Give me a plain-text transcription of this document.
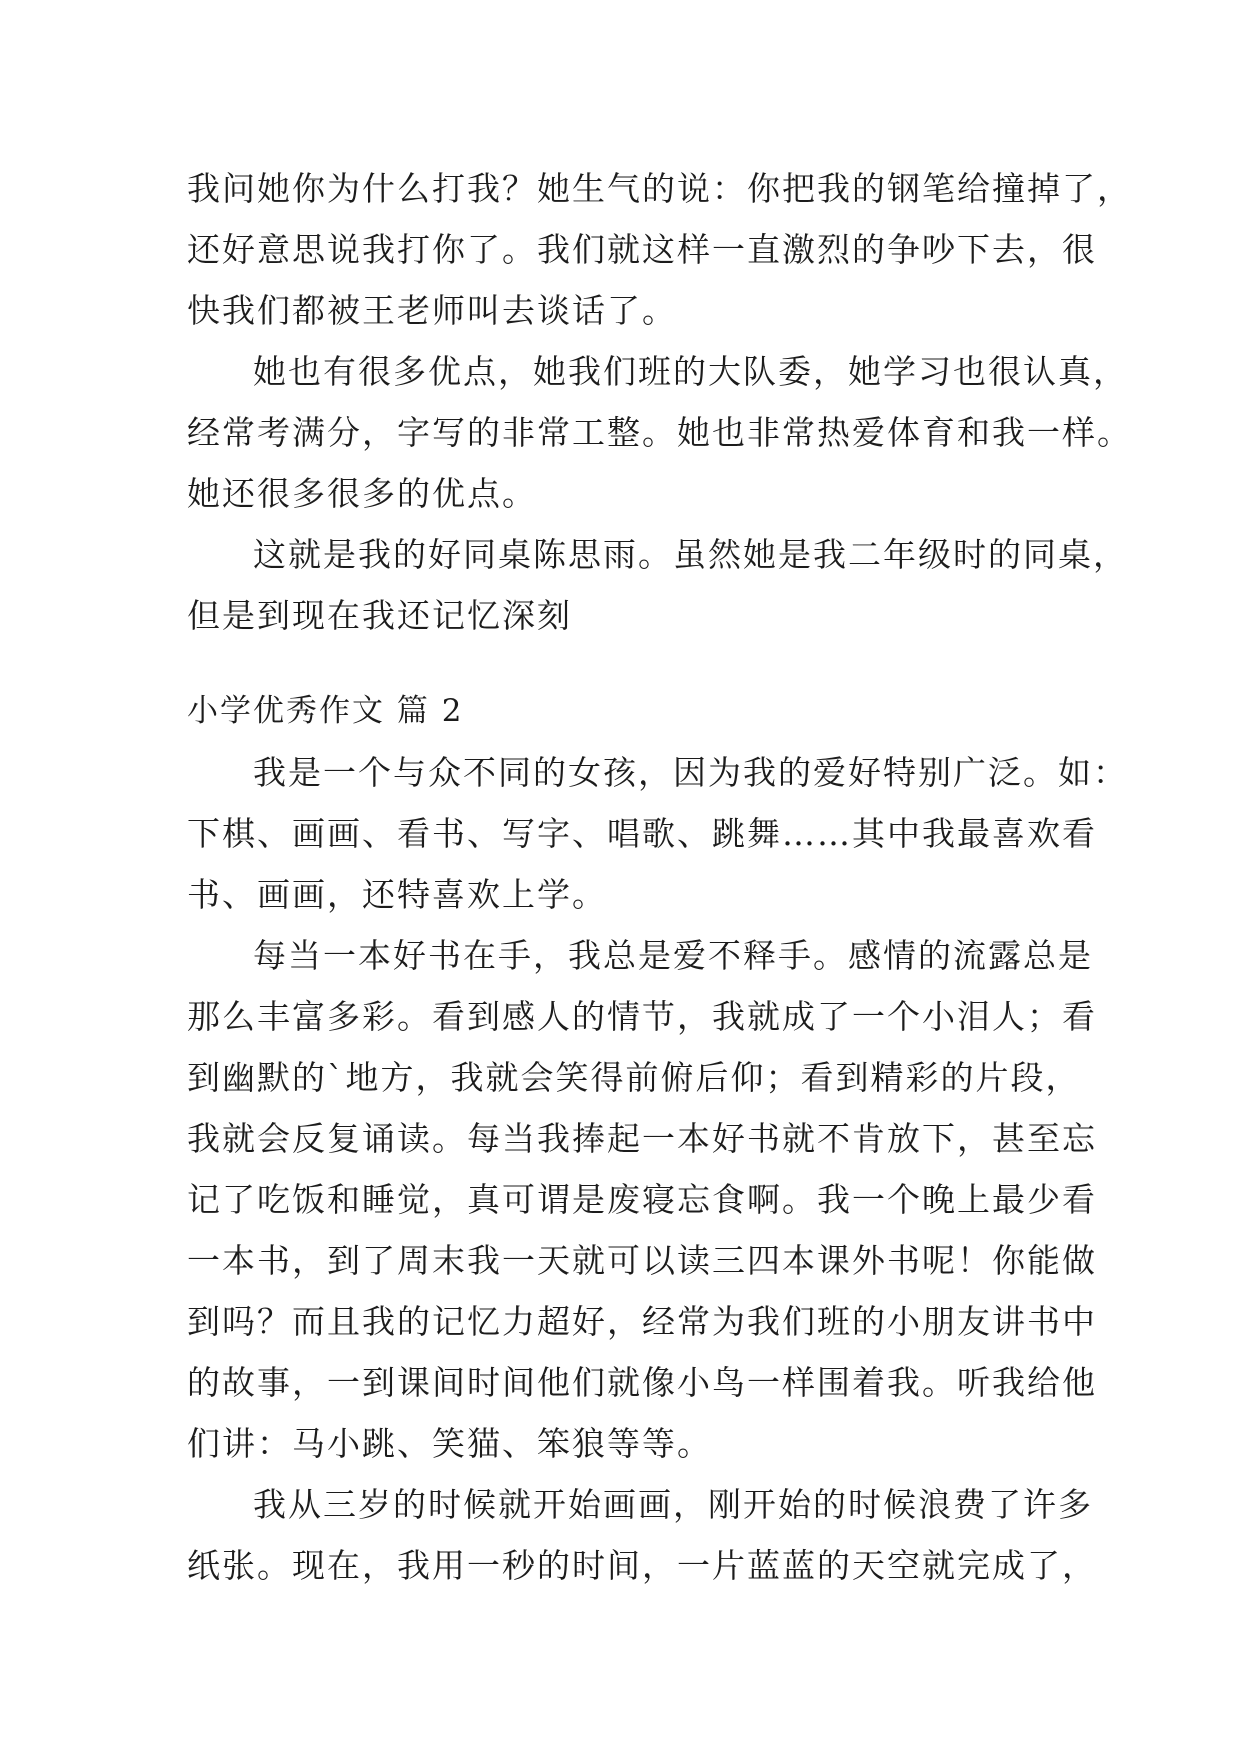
我问她你为什么打我？她生气的说：你把我的钢笔给撞掉了，
还好意思说我打你了。我们就这样一直激烈的争吵下去，很
快我们都被王老师叫去谈话了。
她也有很多优点，她我们班的大队委，她学习也很认真，
经常考满分，字写的非常工整。她也非常热爱体育和我一样。
她还很多很多的优点。
这就是我的好同桌陈思雨。虽然她是我二年级时的同桌，
但是到现在我还记忆深刻
小学优秀作文 篇 2
我是一个与众不同的女孩，因为我的爱好特别广泛。如：
下棋、画画、看书、写字、唱歌、跳舞……其中我最喜欢看
书、画画，还特喜欢上学。
每当一本好书在手，我总是爱不释手。感情的流露总是
那么丰富多彩。看到感人的情节，我就成了一个小泪人；看
到幽默的`地方，我就会笑得前俯后仰；看到精彩的片段，
我就会反复诵读。每当我捧起一本好书就不肯放下，甚至忘
记了吃饭和睡觉，真可谓是废寝忘食啊。我一个晚上最少看
一本书，到了周末我一天就可以读三四本课外书呢！你能做
到吗？而且我的记忆力超好，经常为我们班的小朋友讲书中
的故事，一到课间时间他们就像小鸟一样围着我。听我给他
们讲：马小跳、笑猫、笨狼等等。
我从三岁的时候就开始画画，刚开始的时候浪费了许多
纸张。现在，我用一秒的时间，一片蓝蓝的天空就完成了，
